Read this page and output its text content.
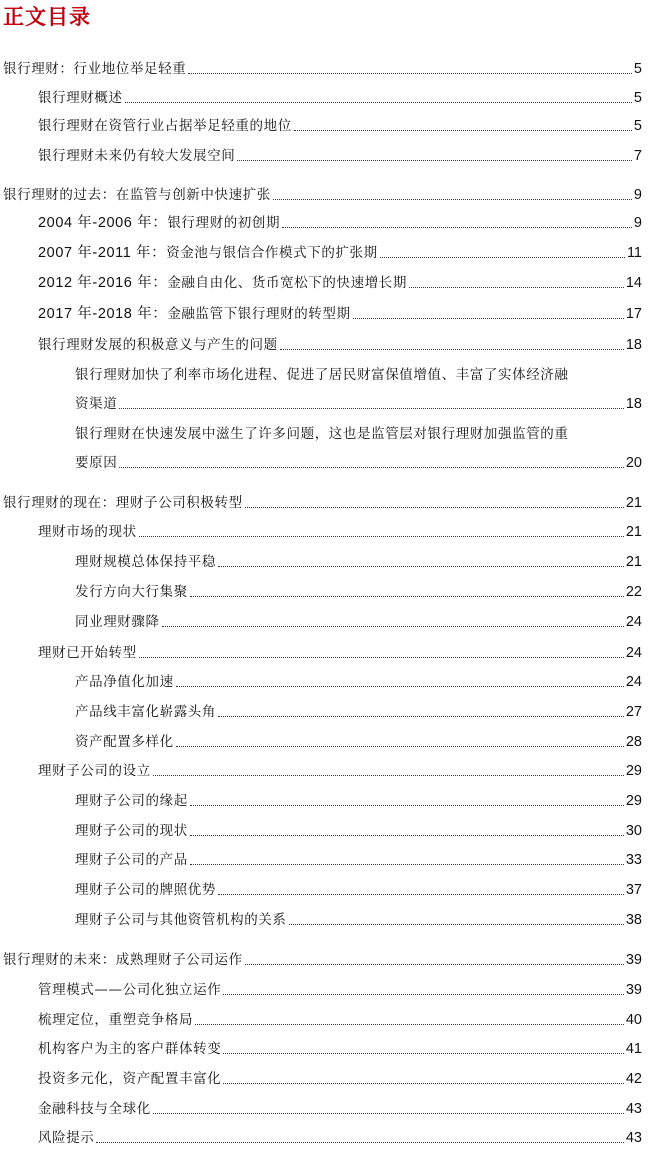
正文目录
银行理财：行业地位举足轻重	5
银行理财概述	5
银行理财在资管行业占据举足轻重的地位	5
银行理财未来仍有较大发展空间	7
银行理财的过去：在监管与创新中快速扩张	9
2004 年-2006 年：银行理财的初创期	9
2007 年-2011 年：资金池与银信合作模式下的扩张期	11
2012 年-2016 年：金融自由化、货币宽松下的快速增长期	14
2017 年-2018 年：金融监管下银行理财的转型期	17
银行理财发展的积极意义与产生的问题	18
银行理财加快了利率市场化进程、促进了居民财富保值增值、丰富了实体经济融
资渠道	18
银行理财在快速发展中滋生了许多问题，这也是监管层对银行理财加强监管的重
要原因	20
银行理财的现在：理财子公司积极转型	21
理财市场的现状	21
理财规模总体保持平稳	21
发行方向大行集聚	22
同业理财骤降	24
理财已开始转型	24
产品净值化加速	24
产品线丰富化崭露头角	27
资产配置多样化	28
理财子公司的设立	29
理财子公司的缘起	29
理财子公司的现状	30
理财子公司的产品	33
理财子公司的牌照优势	37
理财子公司与其他资管机构的关系	38
银行理财的未来：成熟理财子公司运作	39
管理模式——公司化独立运作	39
梳理定位，重塑竞争格局	40
机构客户为主的客户群体转变	41
投资多元化，资产配置丰富化	42
金融科技与全球化	43
风险提示	43
